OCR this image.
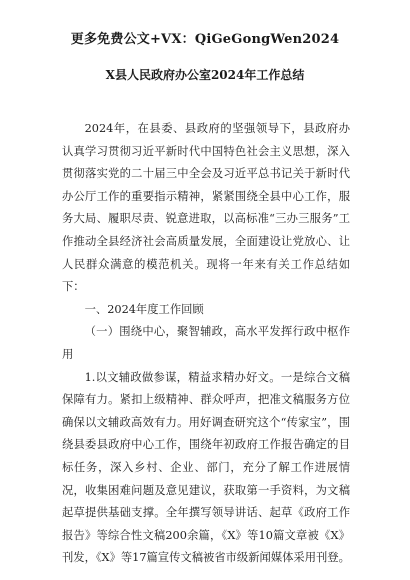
更多免费公文+VX：QiGeGongWen2024
X县人民政府办公室2024年工作总结

2024年，在县委、县政府的坚强领导下，县政府办认真学习贯彻习近平新时代中国特色社会主义思想，深入贯彻落实党的二十届三中全会及习近平总书记关于新时代办公厅工作的重要指示精神，紧紧围绕全县中心工作，服务大局、履职尽责、锐意进取，以高标准“三办三服务”工作推动全县经济社会高质量发展，全面建设让党放心、让人民群众满意的模范机关。现将一年来有关工作总结如下：

一、2024年度工作回顾

（一）围绕中心，聚智辅政，高水平发挥行政中枢作用

1.以文辅政做参谋，精益求精办好文。一是综合文稿保障有力。紧扣上级精神、群众呼声，把准文稿服务方位确保以文辅政高效有力。用好调查研究这个“传家宝”，围绕县委县政府中心工作，围绕年初政府工作报告确定的目标任务，深入乡村、企业、部门，充分了解工作进展情况，收集困难问题及意见建议，获取第一手资料，为文稿起草提供基础支撑。全年撰写领导讲话、起草《政府工作报告》等综合性文稿200余篇，《X》等10篇文章被《X》刊发，《X》等17篇宣传文稿被省市级新闻媒体采用刊登。
